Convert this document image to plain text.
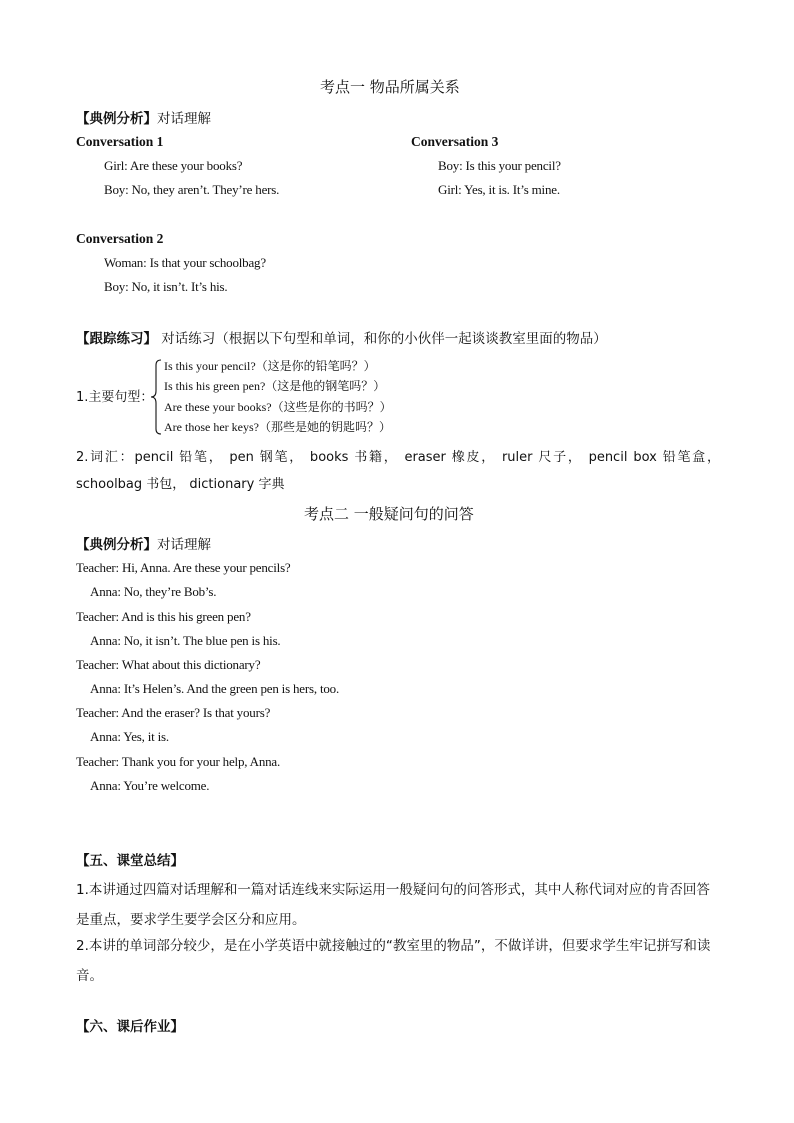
考点一 物品所属关系
【典例分析】对话理解
Conversation 1
Girl: Are these your books?
Boy: No, they aren’t. They’re hers.
Conversation 3
Boy: Is this your pencil?
Girl: Yes, it is. It’s mine.
Conversation 2
Woman: Is that your schoolbag?
Boy: No, it isn’t. It’s his.
【跟踪练习】 对话练习（根据以下句型和单词，和你的小伙伴一起谈谈教室里面的物品）
1.主要句型：
Is this your pencil?（这是你的铅笔吗？）
Is this his green pen?（这是他的钢笔吗？）
Are these your books?（这些是你的书吗？）
Are those her keys?（那些是她的钥匙吗？）
2.词汇：pencil 铅笔， pen 钢笔， books 书籍， eraser 橡皮， ruler 尺子， pencil box 铅笔盒，schoolbag 书包， dictionary 字典
考点二 一般疑问句的问答
【典例分析】对话理解
Teacher: Hi, Anna. Are these your pencils?
Anna: No, they’re Bob’s.
Teacher: And is this his green pen?
Anna: No, it isn’t. The blue pen is his.
Teacher: What about this dictionary?
Anna: It’s Helen’s. And the green pen is hers, too.
Teacher: And the eraser? Is that yours?
Anna: Yes, it is.
Teacher: Thank you for your help, Anna.
Anna: You’re welcome.
【五、课堂总结】
1.本讲通过四篇对话理解和一篇对话连线来实际运用一般疑问句的问答形式，其中人称代词对应的肯否回答是重点，要求学生要学会区分和应用。
2.本讲的单词部分较少，是在小学英语中就接触过的“教室里的物品”，不做详讲，但要求学生牢记拼写和读音。
【六、课后作业】
